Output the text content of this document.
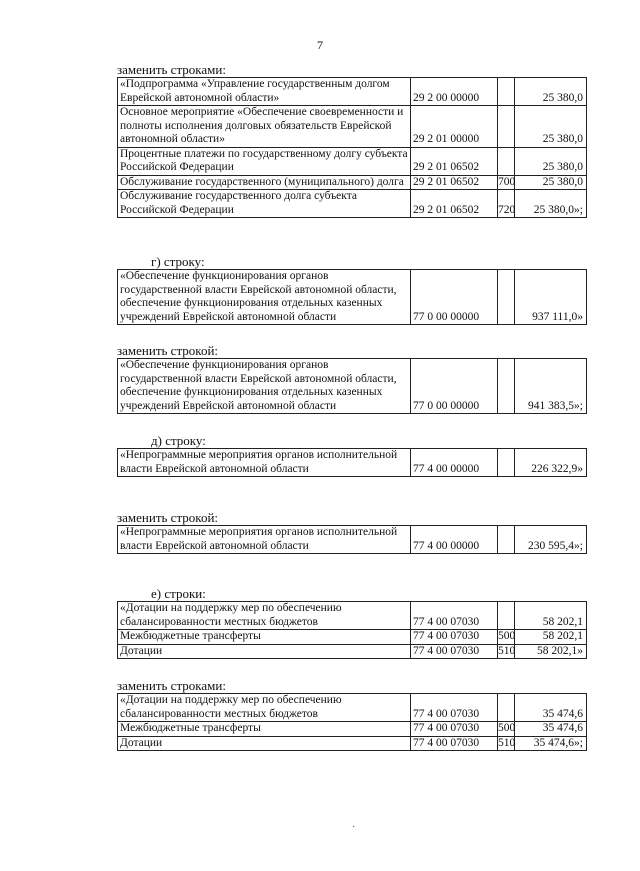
7

заменить строками:

«Подпрограмма «Управление государственным долгом Еврейской автономной области»	29 2 00 00000		25 380,0
Основное мероприятие «Обеспечение своевременности и полноты исполнения долговых обязательств Еврейской автономной области»	29 2 01 00000		25 380,0
Процентные платежи по государственному долгу субъекта Российской Федерации	29 2 01 06502		25 380,0
Обслуживание государственного (муниципального) долга	29 2 01 06502	700	25 380,0
Обслуживание государственного долга субъекта Российской Федерации	29 2 01 06502	720	25 380,0»;

г) строку:

«Обеспечение функционирования органов государственной власти Еврейской автономной области, обеспечение функционирования отдельных казенных учреждений Еврейской автономной области	77 0 00 00000		937 111,0»

заменить строкой:

«Обеспечение функционирования органов государственной власти Еврейской автономной области, обеспечение функционирования отдельных казенных учреждений Еврейской автономной области	77 0 00 00000		941 383,5»;

д) строку:

«Непрограммные мероприятия органов исполнительной власти Еврейской автономной области	77 4 00 00000		226 322,9»

заменить строкой:

«Непрограммные мероприятия органов исполнительной власти Еврейской автономной области	77 4 00 00000		230 595,4»;

е) строки:

«Дотации на поддержку мер по обеспечению сбалансированности местных бюджетов	77 4 00 07030		58 202,1
Межбюджетные трансферты	77 4 00 07030	500	58 202,1
Дотации	77 4 00 07030	510	58 202,1»

заменить строками:

«Дотации на поддержку мер по обеспечению сбалансированности местных бюджетов	77 4 00 07030		35 474,6
Межбюджетные трансферты	77 4 00 07030	500	35 474,6
Дотации	77 4 00 07030	510	35 474,6»;
·
